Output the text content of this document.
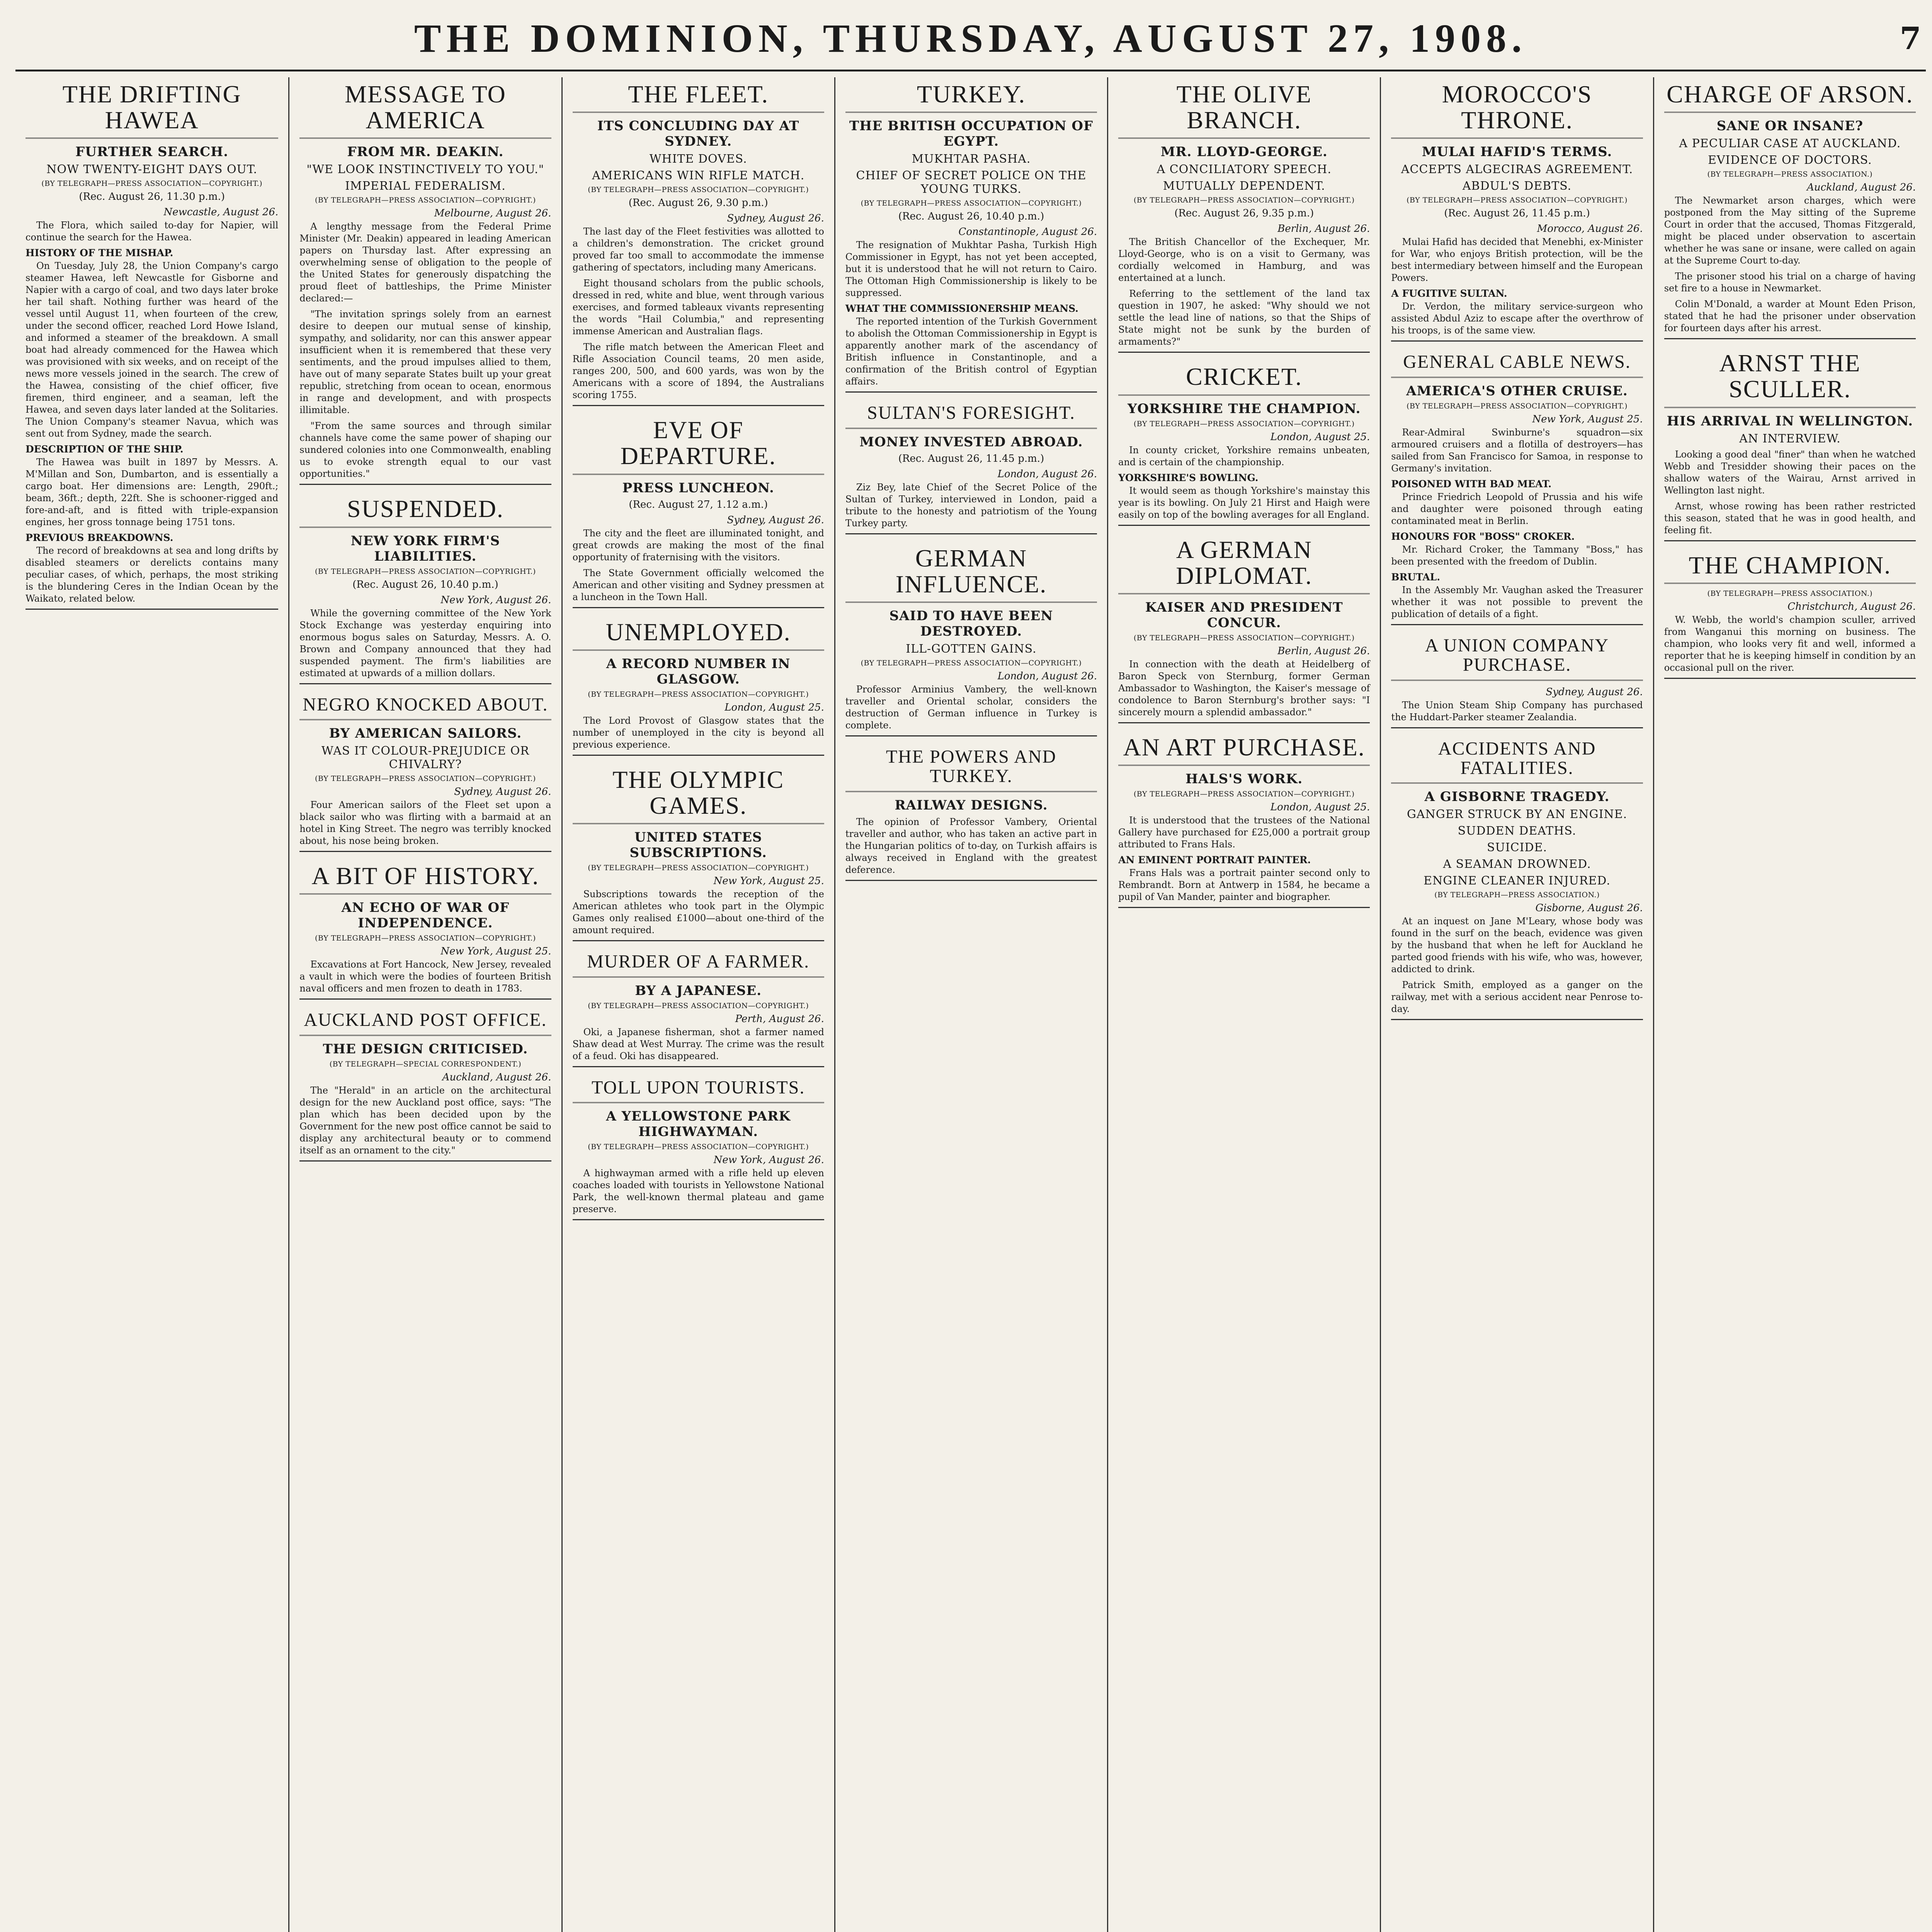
THE DOMINION, THURSDAY, AUGUST 27, 1908.	7
THE DRIFTING HAWEA
FURTHER SEARCH.
NOW TWENTY-EIGHT DAYS OUT.
(BY TELEGRAPH—PRESS ASSOCIATION—COPYRIGHT.)
(Rec. August 26, 11.30 p.m.)
Newcastle, August 26.

The Flora, which sailed to-day for Napier, will continue the search for the Hawea.

HISTORY OF THE MISHAP.

On Tuesday, July 28, the Union Company's cargo steamer Hawea, left Newcastle for Gisborne and Napier with a cargo of coal, and two days later broke her tail shaft. Nothing further was heard of the vessel until August 11, when fourteen of the crew, under the second officer, reached Lord Howe Island, and informed a steamer of the breakdown. A small boat had already commenced for the Hawea which was provisioned with six weeks, and on receipt of the news more vessels joined in the search. The crew of the Hawea, consisting of the chief officer, five firemen, third engineer, and a seaman, left the Hawea, and seven days later landed at the Solitaries. The Union Company's steamer Navua, which was sent out from Sydney, made the search.

DESCRIPTION OF THE SHIP.

The Hawea was built in 1897 by Messrs. A. M'Millan and Son, Dumbarton, and is essentially a cargo boat. Her dimensions are: Length, 290ft.; beam, 36ft.; depth, 22ft. She is schooner-rigged and fore-and-aft, and is fitted with triple-expansion engines, her gross tonnage being 1751 tons.

PREVIOUS BREAKDOWNS.

The record of breakdowns at sea and long drifts by disabled steamers or derelicts contains many peculiar cases, of which, perhaps, the most striking is the blundering Ceres in the Indian Ocean by the Waikato, related below.

MESSAGE TO AMERICA
FROM MR. DEAKIN.
"WE LOOK INSTINCTIVELY TO YOU."
IMPERIAL FEDERALISM.
(BY TELEGRAPH—PRESS ASSOCIATION—COPYRIGHT.)
Melbourne, August 26.

A lengthy message from the Federal Prime Minister (Mr. Deakin) appeared in leading American papers on Thursday last. After expressing an overwhelming sense of obligation to the people of the United States for generously dispatching the proud fleet of battleships, the Prime Minister declared:—

"The invitation springs solely from an earnest desire to deepen our mutual sense of kinship, sympathy, and solidarity, nor can this answer appear insufficient when it is remembered that these very sentiments, and the proud impulses allied to them, have out of many separate States built up your great republic, stretching from ocean to ocean, enormous in range and development, and with prospects illimitable.

"From the same sources and through similar channels have come the same power of shaping our sundered colonies into one Commonwealth, enabling us to evoke strength equal to our vast opportunities."

SUSPENDED.
NEW YORK FIRM'S LIABILITIES.
(BY TELEGRAPH—PRESS ASSOCIATION—COPYRIGHT.)
(Rec. August 26, 10.40 p.m.)
New York, August 26.

While the governing committee of the New York Stock Exchange was yesterday enquiring into enormous bogus sales on Saturday, Messrs. A. O. Brown and Company announced that they had suspended payment. The firm's liabilities are estimated at upwards of a million dollars.

NEGRO KNOCKED ABOUT.
BY AMERICAN SAILORS.
WAS IT COLOUR-PREJUDICE OR CHIVALRY?
(BY TELEGRAPH—PRESS ASSOCIATION—COPYRIGHT.)
Sydney, August 26.

Four American sailors of the Fleet set upon a black sailor who was flirting with a barmaid at an hotel in King Street. The negro was terribly knocked about, his nose being broken.

A BIT OF HISTORY.
AN ECHO OF WAR OF INDEPENDENCE.
(BY TELEGRAPH—PRESS ASSOCIATION—COPYRIGHT.)
New York, August 25.

Excavations at Fort Hancock, New Jersey, revealed a vault in which were the bodies of fourteen British naval officers and men frozen to death in 1783.

AUCKLAND POST OFFICE.
THE DESIGN CRITICISED.
(BY TELEGRAPH—SPECIAL CORRESPONDENT.)
Auckland, August 26.

The "Herald" in an article on the architectural design for the new Auckland post office, says: "The plan which has been decided upon by the Government for the new post office cannot be said to display any architectural beauty or to commend itself as an ornament to the city."

THE FLEET.
ITS CONCLUDING DAY AT SYDNEY.
WHITE DOVES.
AMERICANS WIN RIFLE MATCH.
(BY TELEGRAPH—PRESS ASSOCIATION—COPYRIGHT.)
(Rec. August 26, 9.30 p.m.)
Sydney, August 26.

The last day of the Fleet festivities was allotted to a children's demonstration. The cricket ground proved far too small to accommodate the immense gathering of spectators, including many Americans.

Eight thousand scholars from the public schools, dressed in red, white and blue, went through various exercises, and formed tableaux vivants representing the words "Hail Columbia," and representing immense American and Australian flags.

The rifle match between the American Fleet and Rifle Association Council teams, 20 men aside, ranges 200, 500, and 600 yards, was won by the Americans with a score of 1894, the Australians scoring 1755.

EVE OF DEPARTURE.
PRESS LUNCHEON.
(Rec. August 27, 1.12 a.m.)
Sydney, August 26.

The city and the fleet are illuminated tonight, and great crowds are making the most of the final opportunity of fraternising with the visitors.

The State Government officially welcomed the American and other visiting and Sydney pressmen at a luncheon in the Town Hall.

UNEMPLOYED.
A RECORD NUMBER IN GLASGOW.
(BY TELEGRAPH—PRESS ASSOCIATION—COPYRIGHT.)
London, August 25.

The Lord Provost of Glasgow states that the number of unemployed in the city is beyond all previous experience.

THE OLYMPIC GAMES.
UNITED STATES SUBSCRIPTIONS.
(BY TELEGRAPH—PRESS ASSOCIATION—COPYRIGHT.)
New York, August 25.

Subscriptions towards the reception of the American athletes who took part in the Olympic Games only realised £1000—about one-third of the amount required.

MURDER OF A FARMER.
BY A JAPANESE.
(BY TELEGRAPH—PRESS ASSOCIATION—COPYRIGHT.)
Perth, August 26.

Oki, a Japanese fisherman, shot a farmer named Shaw dead at West Murray. The crime was the result of a feud. Oki has disappeared.

TOLL UPON TOURISTS.
A YELLOWSTONE PARK HIGHWAYMAN.
(BY TELEGRAPH—PRESS ASSOCIATION—COPYRIGHT.)
New York, August 26.

A highwayman armed with a rifle held up eleven coaches loaded with tourists in Yellowstone National Park, the well-known thermal plateau and game preserve.

TURKEY.
THE BRITISH OCCUPATION OF EGYPT.
MUKHTAR PASHA.
CHIEF OF SECRET POLICE ON THE YOUNG TURKS.
(BY TELEGRAPH—PRESS ASSOCIATION—COPYRIGHT.)
(Rec. August 26, 10.40 p.m.)
Constantinople, August 26.

The resignation of Mukhtar Pasha, Turkish High Commissioner in Egypt, has not yet been accepted, but it is understood that he will not return to Cairo. The Ottoman High Commissionership is likely to be suppressed.

WHAT THE COMMISSIONERSHIP MEANS.

The reported intention of the Turkish Government to abolish the Ottoman Commissionership in Egypt is apparently another mark of the ascendancy of British influence in Constantinople, and a confirmation of the British control of Egyptian affairs.

SULTAN'S FORESIGHT.
MONEY INVESTED ABROAD.
(Rec. August 26, 11.45 p.m.)
London, August 26.

Ziz Bey, late Chief of the Secret Police of the Sultan of Turkey, interviewed in London, paid a tribute to the honesty and patriotism of the Young Turkey party.

GERMAN INFLUENCE.
SAID TO HAVE BEEN DESTROYED.
ILL-GOTTEN GAINS.
(BY TELEGRAPH—PRESS ASSOCIATION—COPYRIGHT.)
London, August 26.

Professor Arminius Vambery, the well-known traveller and Oriental scholar, considers the destruction of German influence in Turkey is complete.

THE POWERS AND TURKEY.
RAILWAY DESIGNS.

The opinion of Professor Vambery, Oriental traveller and author, who has taken an active part in the Hungarian politics of to-day, on Turkish affairs is always received in England with the greatest deference.

THE OLIVE BRANCH.
MR. LLOYD-GEORGE.
A CONCILIATORY SPEECH.
MUTUALLY DEPENDENT.
(BY TELEGRAPH—PRESS ASSOCIATION—COPYRIGHT.)
(Rec. August 26, 9.35 p.m.)
Berlin, August 26.

The British Chancellor of the Exchequer, Mr. Lloyd-George, who is on a visit to Germany, was cordially welcomed in Hamburg, and was entertained at a lunch.

Referring to the settlement of the land tax question in 1907, he asked: "Why should we not settle the lead line of nations, so that the Ships of State might not be sunk by the burden of armaments?"

CRICKET.
YORKSHIRE THE CHAMPION.
(BY TELEGRAPH—PRESS ASSOCIATION—COPYRIGHT.)
London, August 25.

In county cricket, Yorkshire remains unbeaten, and is certain of the championship.

YORKSHIRE'S BOWLING.

It would seem as though Yorkshire's mainstay this year is its bowling. On July 21 Hirst and Haigh were easily on top of the bowling averages for all England.

A GERMAN DIPLOMAT.
KAISER AND PRESIDENT CONCUR.
(BY TELEGRAPH—PRESS ASSOCIATION—COPYRIGHT.)
Berlin, August 26.

In connection with the death at Heidelberg of Baron Speck von Sternburg, former German Ambassador to Washington, the Kaiser's message of condolence to Baron Sternburg's brother says: "I sincerely mourn a splendid ambassador."

AN ART PURCHASE.
HALS'S WORK.
(BY TELEGRAPH—PRESS ASSOCIATION—COPYRIGHT.)
London, August 25.

It is understood that the trustees of the National Gallery have purchased for £25,000 a portrait group attributed to Frans Hals.

AN EMINENT PORTRAIT PAINTER.

Frans Hals was a portrait painter second only to Rembrandt. Born at Antwerp in 1584, he became a pupil of Van Mander, painter and biographer.

MOROCCO'S THRONE.
MULAI HAFID'S TERMS.
ACCEPTS ALGECIRAS AGREEMENT.
ABDUL'S DEBTS.
(BY TELEGRAPH—PRESS ASSOCIATION—COPYRIGHT.)
(Rec. August 26, 11.45 p.m.)
Morocco, August 26.

Mulai Hafid has decided that Menebhi, ex-Minister for War, who enjoys British protection, will be the best intermediary between himself and the European Powers.

A FUGITIVE SULTAN.

Dr. Verdon, the military service-surgeon who assisted Abdul Aziz to escape after the overthrow of his troops, is of the same view.

GENERAL CABLE NEWS.
AMERICA'S OTHER CRUISE.
(BY TELEGRAPH—PRESS ASSOCIATION—COPYRIGHT.)
New York, August 25.

Rear-Admiral Swinburne's squadron—six armoured cruisers and a flotilla of destroyers—has sailed from San Francisco for Samoa, in response to Germany's invitation.

POISONED WITH BAD MEAT.

Prince Friedrich Leopold of Prussia and his wife and daughter were poisoned through eating contaminated meat in Berlin.

HONOURS FOR "BOSS" CROKER.

Mr. Richard Croker, the Tammany "Boss," has been presented with the freedom of Dublin.

BRUTAL.

In the Assembly Mr. Vaughan asked the Treasurer whether it was not possible to prevent the publication of details of a fight.

A UNION COMPANY PURCHASE.
Sydney, August 26.

The Union Steam Ship Company has purchased the Huddart-Parker steamer Zealandia.

ACCIDENTS AND FATALITIES.
A GISBORNE TRAGEDY.
GANGER STRUCK BY AN ENGINE.
SUDDEN DEATHS.
SUICIDE.
A SEAMAN DROWNED.
ENGINE CLEANER INJURED.
(BY TELEGRAPH—PRESS ASSOCIATION.)
Gisborne, August 26.

At an inquest on Jane M'Leary, whose body was found in the surf on the beach, evidence was given by the husband that when he left for Auckland he parted good friends with his wife, who was, however, addicted to drink.

Patrick Smith, employed as a ganger on the railway, met with a serious accident near Penrose to-day.

CHARGE OF ARSON.
SANE OR INSANE?
A PECULIAR CASE AT AUCKLAND.
EVIDENCE OF DOCTORS.
(BY TELEGRAPH—PRESS ASSOCIATION.)
Auckland, August 26.

The Newmarket arson charges, which were postponed from the May sitting of the Supreme Court in order that the accused, Thomas Fitzgerald, might be placed under observation to ascertain whether he was sane or insane, were called on again at the Supreme Court to-day.

The prisoner stood his trial on a charge of having set fire to a house in Newmarket.

Colin M'Donald, a warder at Mount Eden Prison, stated that he had the prisoner under observation for fourteen days after his arrest.

ARNST THE SCULLER.
HIS ARRIVAL IN WELLINGTON.
AN INTERVIEW.

Looking a good deal "finer" than when he watched Webb and Tresidder showing their paces on the shallow waters of the Wairau, Arnst arrived in Wellington last night.

Arnst, whose rowing has been rather restricted this season, stated that he was in good health, and feeling fit.

THE CHAMPION.
(BY TELEGRAPH—PRESS ASSOCIATION.)
Christchurch, August 26.

W. Webb, the world's champion sculler, arrived from Wanganui this morning on business. The champion, who looks very fit and well, informed a reporter that he is keeping himself in condition by an occasional pull on the river.
